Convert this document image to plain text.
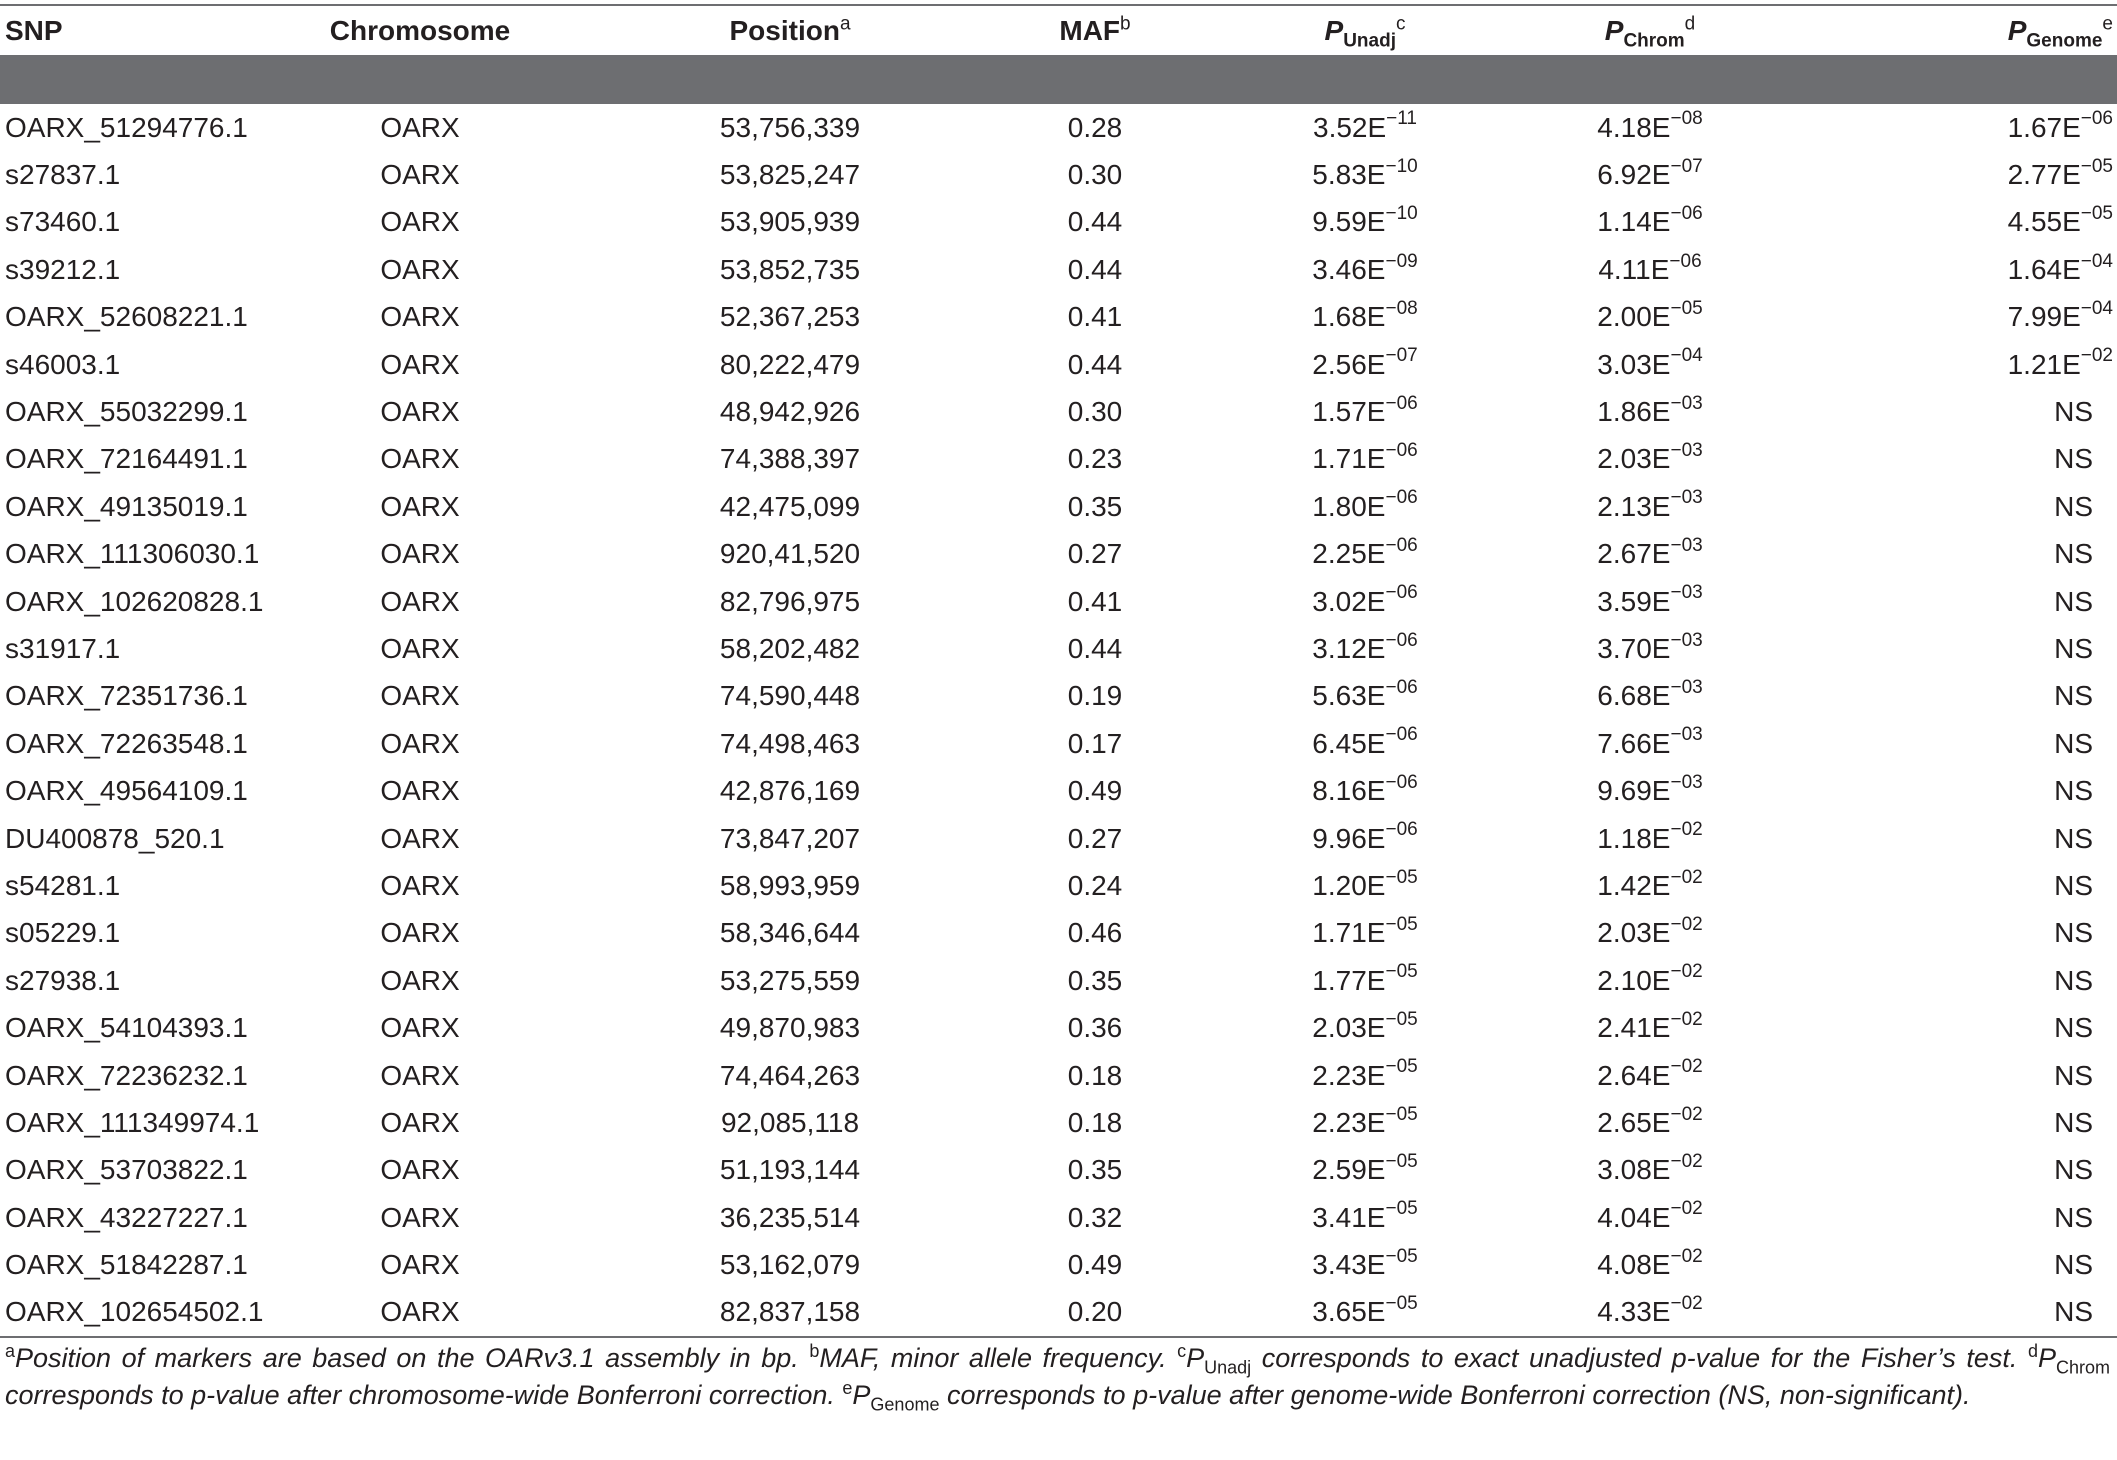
SNP	Chromosome	Position$^a$	MAF$^b$	$P_{Unadj}^c$	$P_{Chrom}^d$	$P_{Genome}^e$

OARX_51294776.1	OARX	53,756,339	0.28	$3.52E^{-11}$	$4.18E^{-08}$	$1.67E^{-06}$
s27837.1	OARX	53,825,247	0.30	$5.83E^{-10}$	$6.92E^{-07}$	$2.77E^{-05}$
s73460.1	OARX	53,905,939	0.44	$9.59E^{-10}$	$1.14E^{-06}$	$4.55E^{-05}$
s39212.1	OARX	53,852,735	0.44	$3.46E^{-09}$	$4.11E^{-06}$	$1.64E^{-04}$
OARX_52608221.1	OARX	52,367,253	0.41	$1.68E^{-08}$	$2.00E^{-05}$	$7.99E^{-04}$
s46003.1	OARX	80,222,479	0.44	$2.56E^{-07}$	$3.03E^{-04}$	$1.21E^{-02}$
OARX_55032299.1	OARX	48,942,926	0.30	$1.57E^{-06}$	$1.86E^{-03}$	NS
OARX_72164491.1	OARX	74,388,397	0.23	$1.71E^{-06}$	$2.03E^{-03}$	NS
OARX_49135019.1	OARX	42,475,099	0.35	$1.80E^{-06}$	$2.13E^{-03}$	NS
OARX_111306030.1	OARX	920,41,520	0.27	$2.25E^{-06}$	$2.67E^{-03}$	NS
OARX_102620828.1	OARX	82,796,975	0.41	$3.02E^{-06}$	$3.59E^{-03}$	NS
s31917.1	OARX	58,202,482	0.44	$3.12E^{-06}$	$3.70E^{-03}$	NS
OARX_72351736.1	OARX	74,590,448	0.19	$5.63E^{-06}$	$6.68E^{-03}$	NS
OARX_72263548.1	OARX	74,498,463	0.17	$6.45E^{-06}$	$7.66E^{-03}$	NS
OARX_49564109.1	OARX	42,876,169	0.49	$8.16E^{-06}$	$9.69E^{-03}$	NS
DU400878_520.1	OARX	73,847,207	0.27	$9.96E^{-06}$	$1.18E^{-02}$	NS
s54281.1	OARX	58,993,959	0.24	$1.20E^{-05}$	$1.42E^{-02}$	NS
s05229.1	OARX	58,346,644	0.46	$1.71E^{-05}$	$2.03E^{-02}$	NS
s27938.1	OARX	53,275,559	0.35	$1.77E^{-05}$	$2.10E^{-02}$	NS
OARX_54104393.1	OARX	49,870,983	0.36	$2.03E^{-05}$	$2.41E^{-02}$	NS
OARX_72236232.1	OARX	74,464,263	0.18	$2.23E^{-05}$	$2.64E^{-02}$	NS
OARX_111349974.1	OARX	92,085,118	0.18	$2.23E^{-05}$	$2.65E^{-02}$	NS
OARX_53703822.1	OARX	51,193,144	0.35	$2.59E^{-05}$	$3.08E^{-02}$	NS
OARX_43227227.1	OARX	36,235,514	0.32	$3.41E^{-05}$	$4.04E^{-02}$	NS
OARX_51842287.1	OARX	53,162,079	0.49	$3.43E^{-05}$	$4.08E^{-02}$	NS
OARX_102654502.1	OARX	82,837,158	0.20	$3.65E^{-05}$	$4.33E^{-02}$	NS
$^a$Position of markers are based on the OARv3.1 assembly in bp. $^b$MAF, minor allele frequency. $^cP_{Unadj}$ corresponds to exact unadjusted p-value for the Fisher’s test. $^dP_{Chrom}$ corresponds to p-value after chromosome-wide Bonferroni correction. $^eP_{Genome}$ corresponds to p-value after genome-wide Bonferroni correction (NS, non-significant).
